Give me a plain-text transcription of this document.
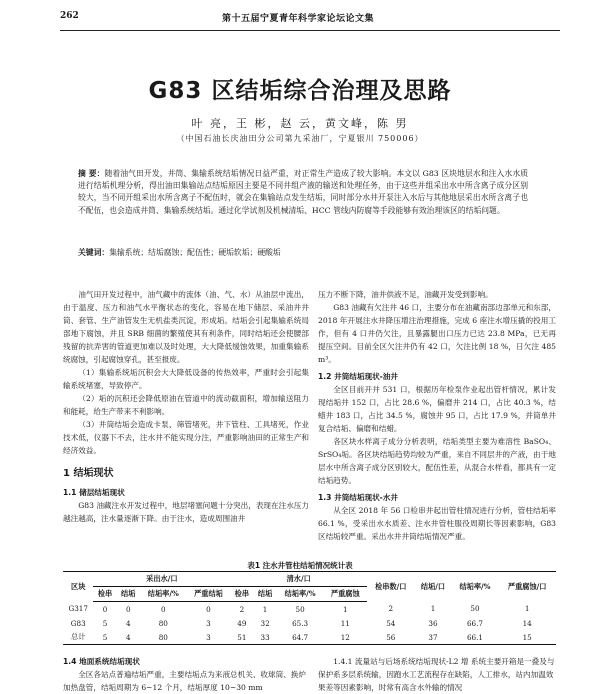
262	第十五届宁夏青年科学家论坛论文集
G83 区结垢综合治理及思路
叶 亮，王 彬，赵 云，黄文峰，陈 男
（中国石油长庆油田分公司第九采油厂，宁夏银川 750006）
摘 要：随着油气田开发，井筒、集输系统结垢情况日益严重，对正常生产造成了较大影响。本文以 G83 区块地层水和注入水水质进行结垢机理分析，得出油田集输站点结垢原因主要是不同井组产液的输送和处理任务，由于这些并组采出水中所含离子成分区别较大，当不同开组采出水所含离子不配伍时，就会在集输站点发生结垢，同时部分水井开泵注入水后与其他地层采出水所含离子也不配伍，也会造成井筒、集输系统结垢。通过化学试剂及机械清垢、HCC 管线内防腐等手段能够有效治理该区的结垢问题。
关键词：集输系统；结垢腐蚀；配伍性；硬垢软垢；硬酸垢

油气田开发过程中，油气藏中的流体（油、气、水）从油层中流出，由于温度、压力和油气水平衡状态的变化，容易在地下储层、采油井井筒、套管、生产油管发生无机盐类沉淀，形成垢。结垢会引起集输系统局部地下腐蚀，并且 SRB 细菌的繁殖使其有利条件，同时结垢还会使腰部残留的抗弄害的管道更加难以及时处理，大大降低缓蚀效果，加重集输系统腐蚀，引起腐蚀穿孔，甚至报废。

（1）集输系统垢沉积会大大降低设备的传热效率，严重时会引起集输系统堵塞，导致停产。

（2）垢的沉积还会降低原油在管道中的流动截面积，增加输送阻力和能耗，给生产带来不利影响。

（3）井筒结垢会造成卡泵、筛管堵死，井下管柱、工具堵死，作业技术低，仪器下不去，注水井不能实现分注，严重影响油田的正常生产和经济效益。

1 结垢现状

1.1 储层结垢现状

G83 油藏注水开发过程中，地层堵塞问题十分突出，表现在注水压力越注越高，注水量逐渐下降。由于注水，造成周围油井

压力不断下降，油井供液不足，油藏开发受到影响。

G83 油藏有欠注井 46 口，主要分布在油藏南部边部单元和东部，2018 年开展注水井降压增注治理措施，完成 6 座注水增压撬的投用工作，但有 4 口井仍欠注，且暴露腿出口压力已达 23.8 MPa，已无再提压空间。目前全区欠注井仍有 42 口，欠注比例 18 %，日欠注 485 m³。

1.2 井筒结垢现状-油井

全区目前开井 531 口，根据历年检泵作业起出管杆情况，累计发现结垢井 152 口，占比 28.6 %，偏磨井 214 口，占比 40.3 %，结蜡井 183 口，占比 34.5 %，腐蚀井 95 口，占比 17.9 %，并筒单井复合结垢、偏磨和结蜡。

各区块水样离子成分分析表明，结垢类型主要为难溶性 BaSO₄、SrSO₄垢。各区块结垢趋势均较为严重，来自不同层井的产液，由于地层水中所含离子成分区别较大，配伍性差，从混合水样看，都具有一定结垢趋势。

1.3 井筒结垢现状-水井

从全区 2018 年 56 口检串井起出管柱情况进行分析，管柱结垢率 66.1 %，受采出水水质差、注水井管柱服役周期长等因素影响，G83 区结垢较严重。采出水井井筒结垢情况严重。

表1 注水井管柱结垢情况统计表
区块	采出水/口				清水/口				检串数/口	结垢/口	结垢率/%	严重腐蚀/口
	检串	结垢	结垢率/%	严重结垢	检串	结垢	结垢率/%	严重腐蚀				
G317	0	0	0	0	2	1	50	1	2	1	50	1
G83	5	4	80	3	49	32	65.3	11	54	36	66.7	14
总计	5	4	80	3	51	33	64.7	12	56	37	66.1	15

1.4 地面系统结垢现状

全区各站点普遍结垢严重，主要结垢点为来液总机关、收球筒、换炉加热盘管，结垢周期为 6~12 个月，结垢厚度 10~30 mm

1.4.1 流量站与后场系统结垢现状-L2 增 系统主要开箱是一叠及与保护系多层系统输，因跑水工艺流程存在缺陷，人工排水，站内加温效果差等因素影响，时常有高含水外输的情况
